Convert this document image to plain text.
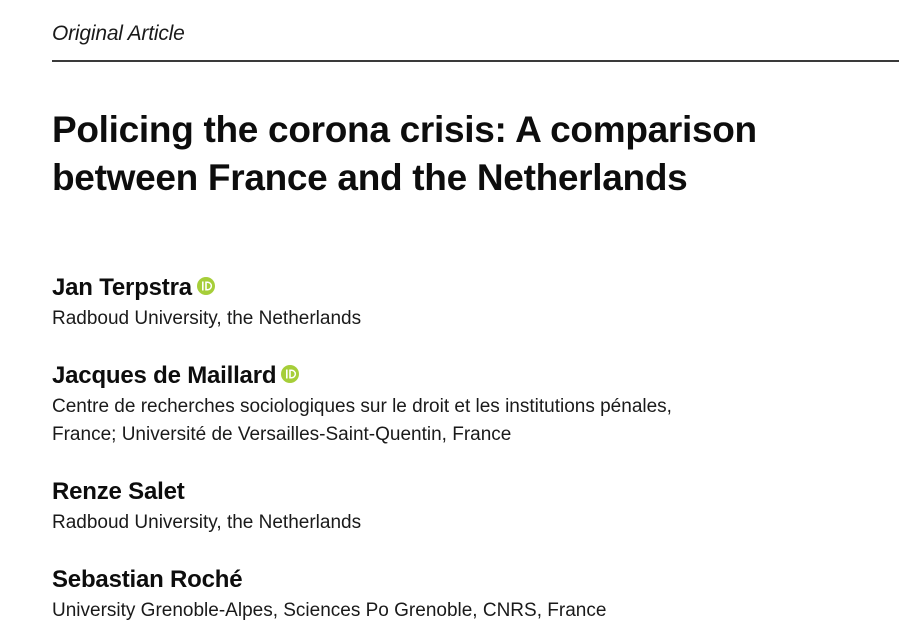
Original Article
Policing the corona crisis: A comparison between France and the Netherlands
Jan Terpstra
Radboud University, the Netherlands
Jacques de Maillard
Centre de recherches sociologiques sur le droit et les institutions pénales,
France; Université de Versailles-Saint-Quentin, France
Renze Salet
Radboud University, the Netherlands
Sebastian Roché
University Grenoble-Alpes, Sciences Po Grenoble, CNRS, France
